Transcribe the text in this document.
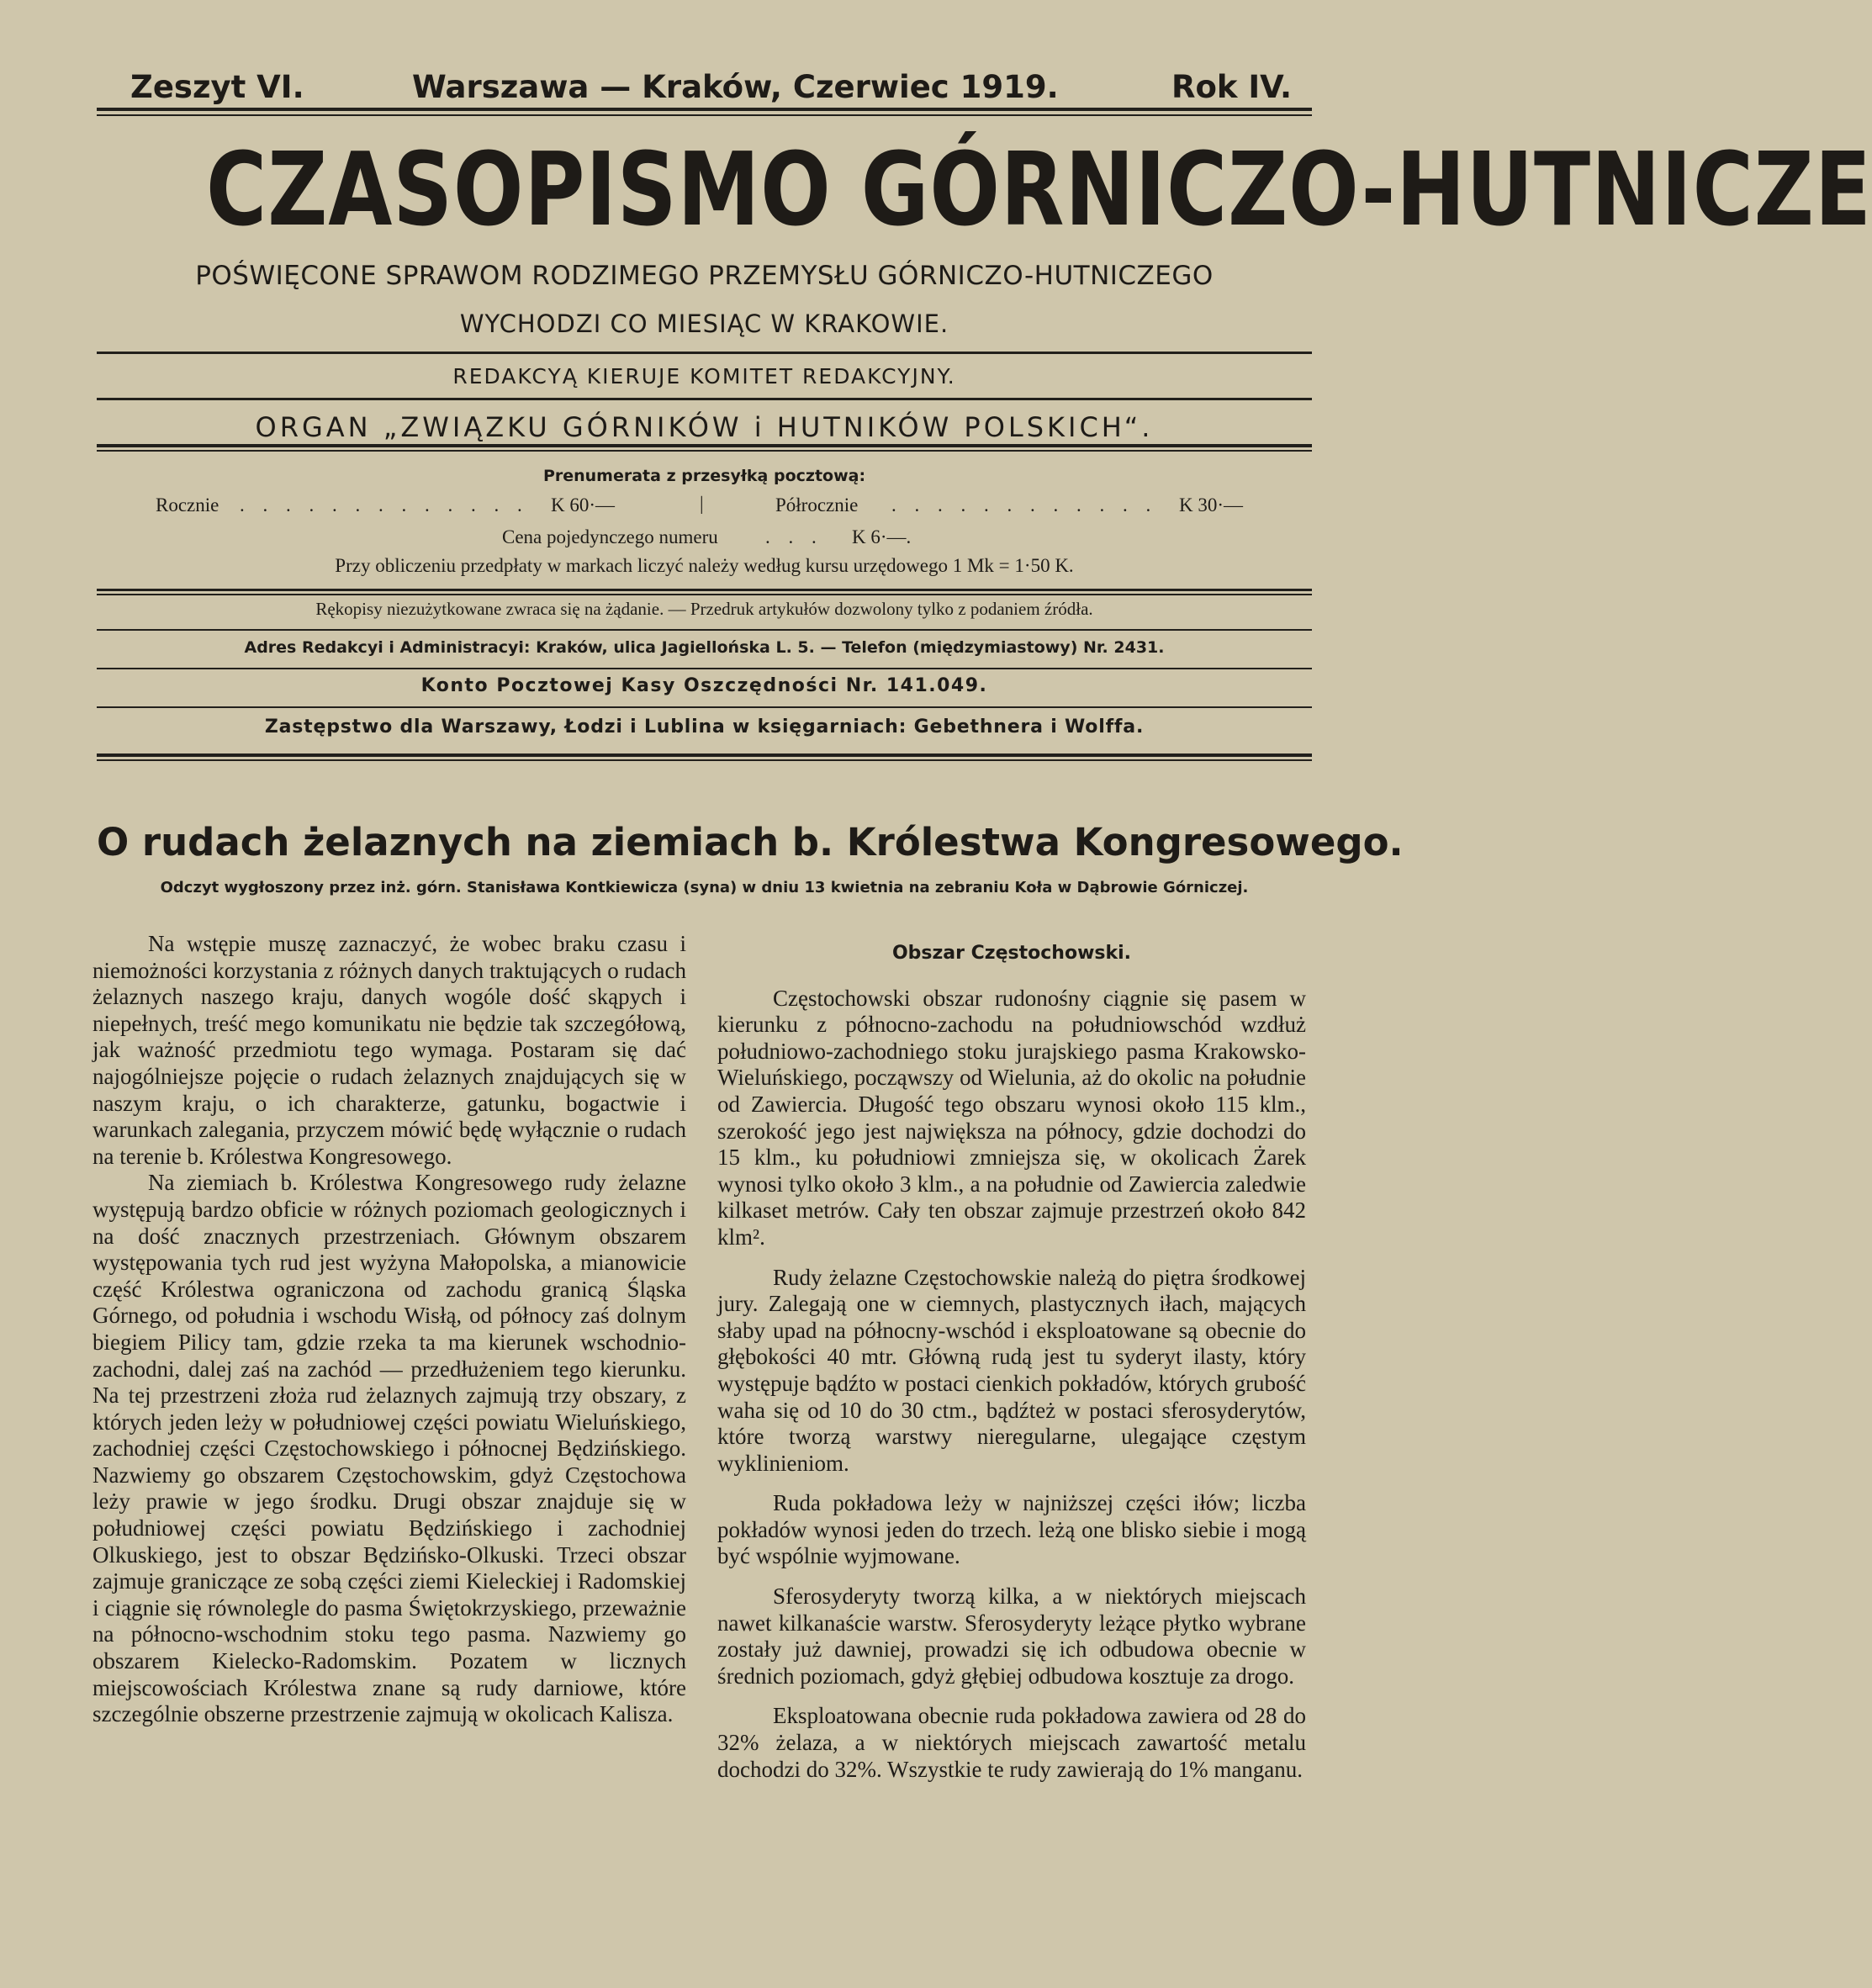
Zeszyt VI.	Warszawa — Kraków, Czerwiec 1919.	Rok IV.
CZASOPISMO GÓRNICZO-HUTNICZE
POŚWIĘCONE SPRAWOM RODZIMEGO PRZEMYSŁU GÓRNICZO-HUTNICZEGO
WYCHODZI CO MIESIĄC W KRAKOWIE.
REDAKCYĄ KIERUJE KOMITET REDAKCYJNY.
ORGAN „ZWIĄZKU GÓRNIKÓW i HUTNIKÓW POLSKICH“.
Prenumerata z przesyłką pocztową:
Rocznie . . . . . . . . . . . . . K 60·—	|	Półrocznie . . . . . . . . . . . . K 30·—
Cena pojedynczego numeru . . . K 6·—.
Przy obliczeniu przedpłaty w markach liczyć należy według kursu urzędowego 1 Mk = 1·50 K.
Rękopisy niezużytkowane zwraca się na żądanie. — Przedruk artykułów dozwolony tylko z podaniem źródła.
Adres Redakcyi i Administracyi: Kraków, ulica Jagiellońska L. 5. — Telefon (międzymiastowy) Nr. 2431.
Konto Pocztowej Kasy Oszczędności Nr. 141.049.
Zastępstwo dla Warszawy, Łodzi i Lublina w księgarniach: Gebethnera i Wolffa.
O rudach żelaznych na ziemiach b. Królestwa Kongresowego.
Odczyt wygłoszony przez inż. górn. Stanisława Kontkiewicza (syna) w dniu 13 kwietnia na zebraniu Koła w Dąbrowie Górniczej.

Na wstępie muszę zaznaczyć, że wobec braku czasu i niemożności korzystania z różnych danych traktujących o rudach żelaznych naszego kraju, danych wogóle dość skąpych i niepełnych, treść mego komunikatu nie będzie tak szczegółową, jak ważność przedmiotu tego wymaga. Postaram się dać najogólniejsze pojęcie o rudach żelaznych znajdujących się w naszym kraju, o ich charakterze, gatunku, bogactwie i warunkach zalegania, przyczem mówić będę wyłącznie o rudach na terenie b. Królestwa Kongresowego.

Na ziemiach b. Królestwa Kongresowego rudy żelazne występują bardzo obficie w różnych poziomach geologicznych i na dość znacznych przestrzeniach. Głównym obszarem występowania tych rud jest wyżyna Małopolska, a mianowicie część Królestwa ograniczona od zachodu granicą Śląska Górnego, od południa i wschodu Wisłą, od północy zaś dolnym biegiem Pilicy tam, gdzie rzeka ta ma kierunek wschodnio-zachodni, dalej zaś na zachód — przedłużeniem tego kierunku. Na tej przestrzeni złoża rud żelaznych zajmują trzy obszary, z których jeden leży w południowej części powiatu Wieluńskiego, zachodniej części Częstochowskiego i północnej Będzińskiego. Nazwiemy go obszarem Częstochowskim, gdyż Częstochowa leży prawie w jego środku. Drugi obszar znajduje się w południowej części powiatu Będzińskiego i zachodniej Olkuskiego, jest to obszar Będzińsko-Olkuski. Trzeci obszar zajmuje graniczące ze sobą części ziemi Kieleckiej i Radomskiej i ciągnie się równolegle do pasma Świętokrzyskiego, przeważnie na północno-wschodnim stoku tego pasma. Nazwiemy go obszarem Kielecko-Radomskim. Pozatem w licznych miejscowościach Królestwa znane są rudy darniowe, które szczególnie obszerne przestrzenie zajmują w okolicach Kalisza.

Obszar Częstochowski.

Częstochowski obszar rudonośny ciągnie się pasem w kierunku z północno-zachodu na południowschód wzdłuż południowo-zachodniego stoku jurajskiego pasma Krakowsko-Wieluńskiego, począwszy od Wielunia, aż do okolic na południe od Zawiercia. Długość tego obszaru wynosi około 115 klm., szerokość jego jest największa na północy, gdzie dochodzi do 15 klm., ku południowi zmniejsza się, w okolicach Żarek wynosi tylko około 3 klm., a na południe od Zawiercia zaledwie kilkaset metrów. Cały ten obszar zajmuje przestrzeń około 842 klm².

Rudy żelazne Częstochowskie należą do piętra środkowej jury. Zalegają one w ciemnych, plastycznych iłach, mających słaby upad na północny-wschód i eksploatowane są obecnie do głębokości 40 mtr. Główną rudą jest tu syderyt ilasty, który występuje bądźto w postaci cienkich pokładów, których grubość waha się od 10 do 30 ctm., bądźteż w postaci sferosyderytów, które tworzą warstwy nieregularne, ulegające częstym wyklinieniom.

Ruda pokładowa leży w najniższej części iłów; liczba pokładów wynosi jeden do trzech. leżą one blisko siebie i mogą być wspólnie wyjmowane.

Sferosyderyty tworzą kilka, a w niektórych miejscach nawet kilkanaście warstw. Sferosyderyty leżące płytko wybrane zostały już dawniej, prowadzi się ich odbudowa obecnie w średnich poziomach, gdyż głębiej odbudowa kosztuje za drogo.

Eksploatowana obecnie ruda pokładowa zawiera od 28 do 32% żelaza, a w niektórych miejscach zawartość metalu dochodzi do 32%. Wszystkie te rudy zawierają do 1% manganu.
